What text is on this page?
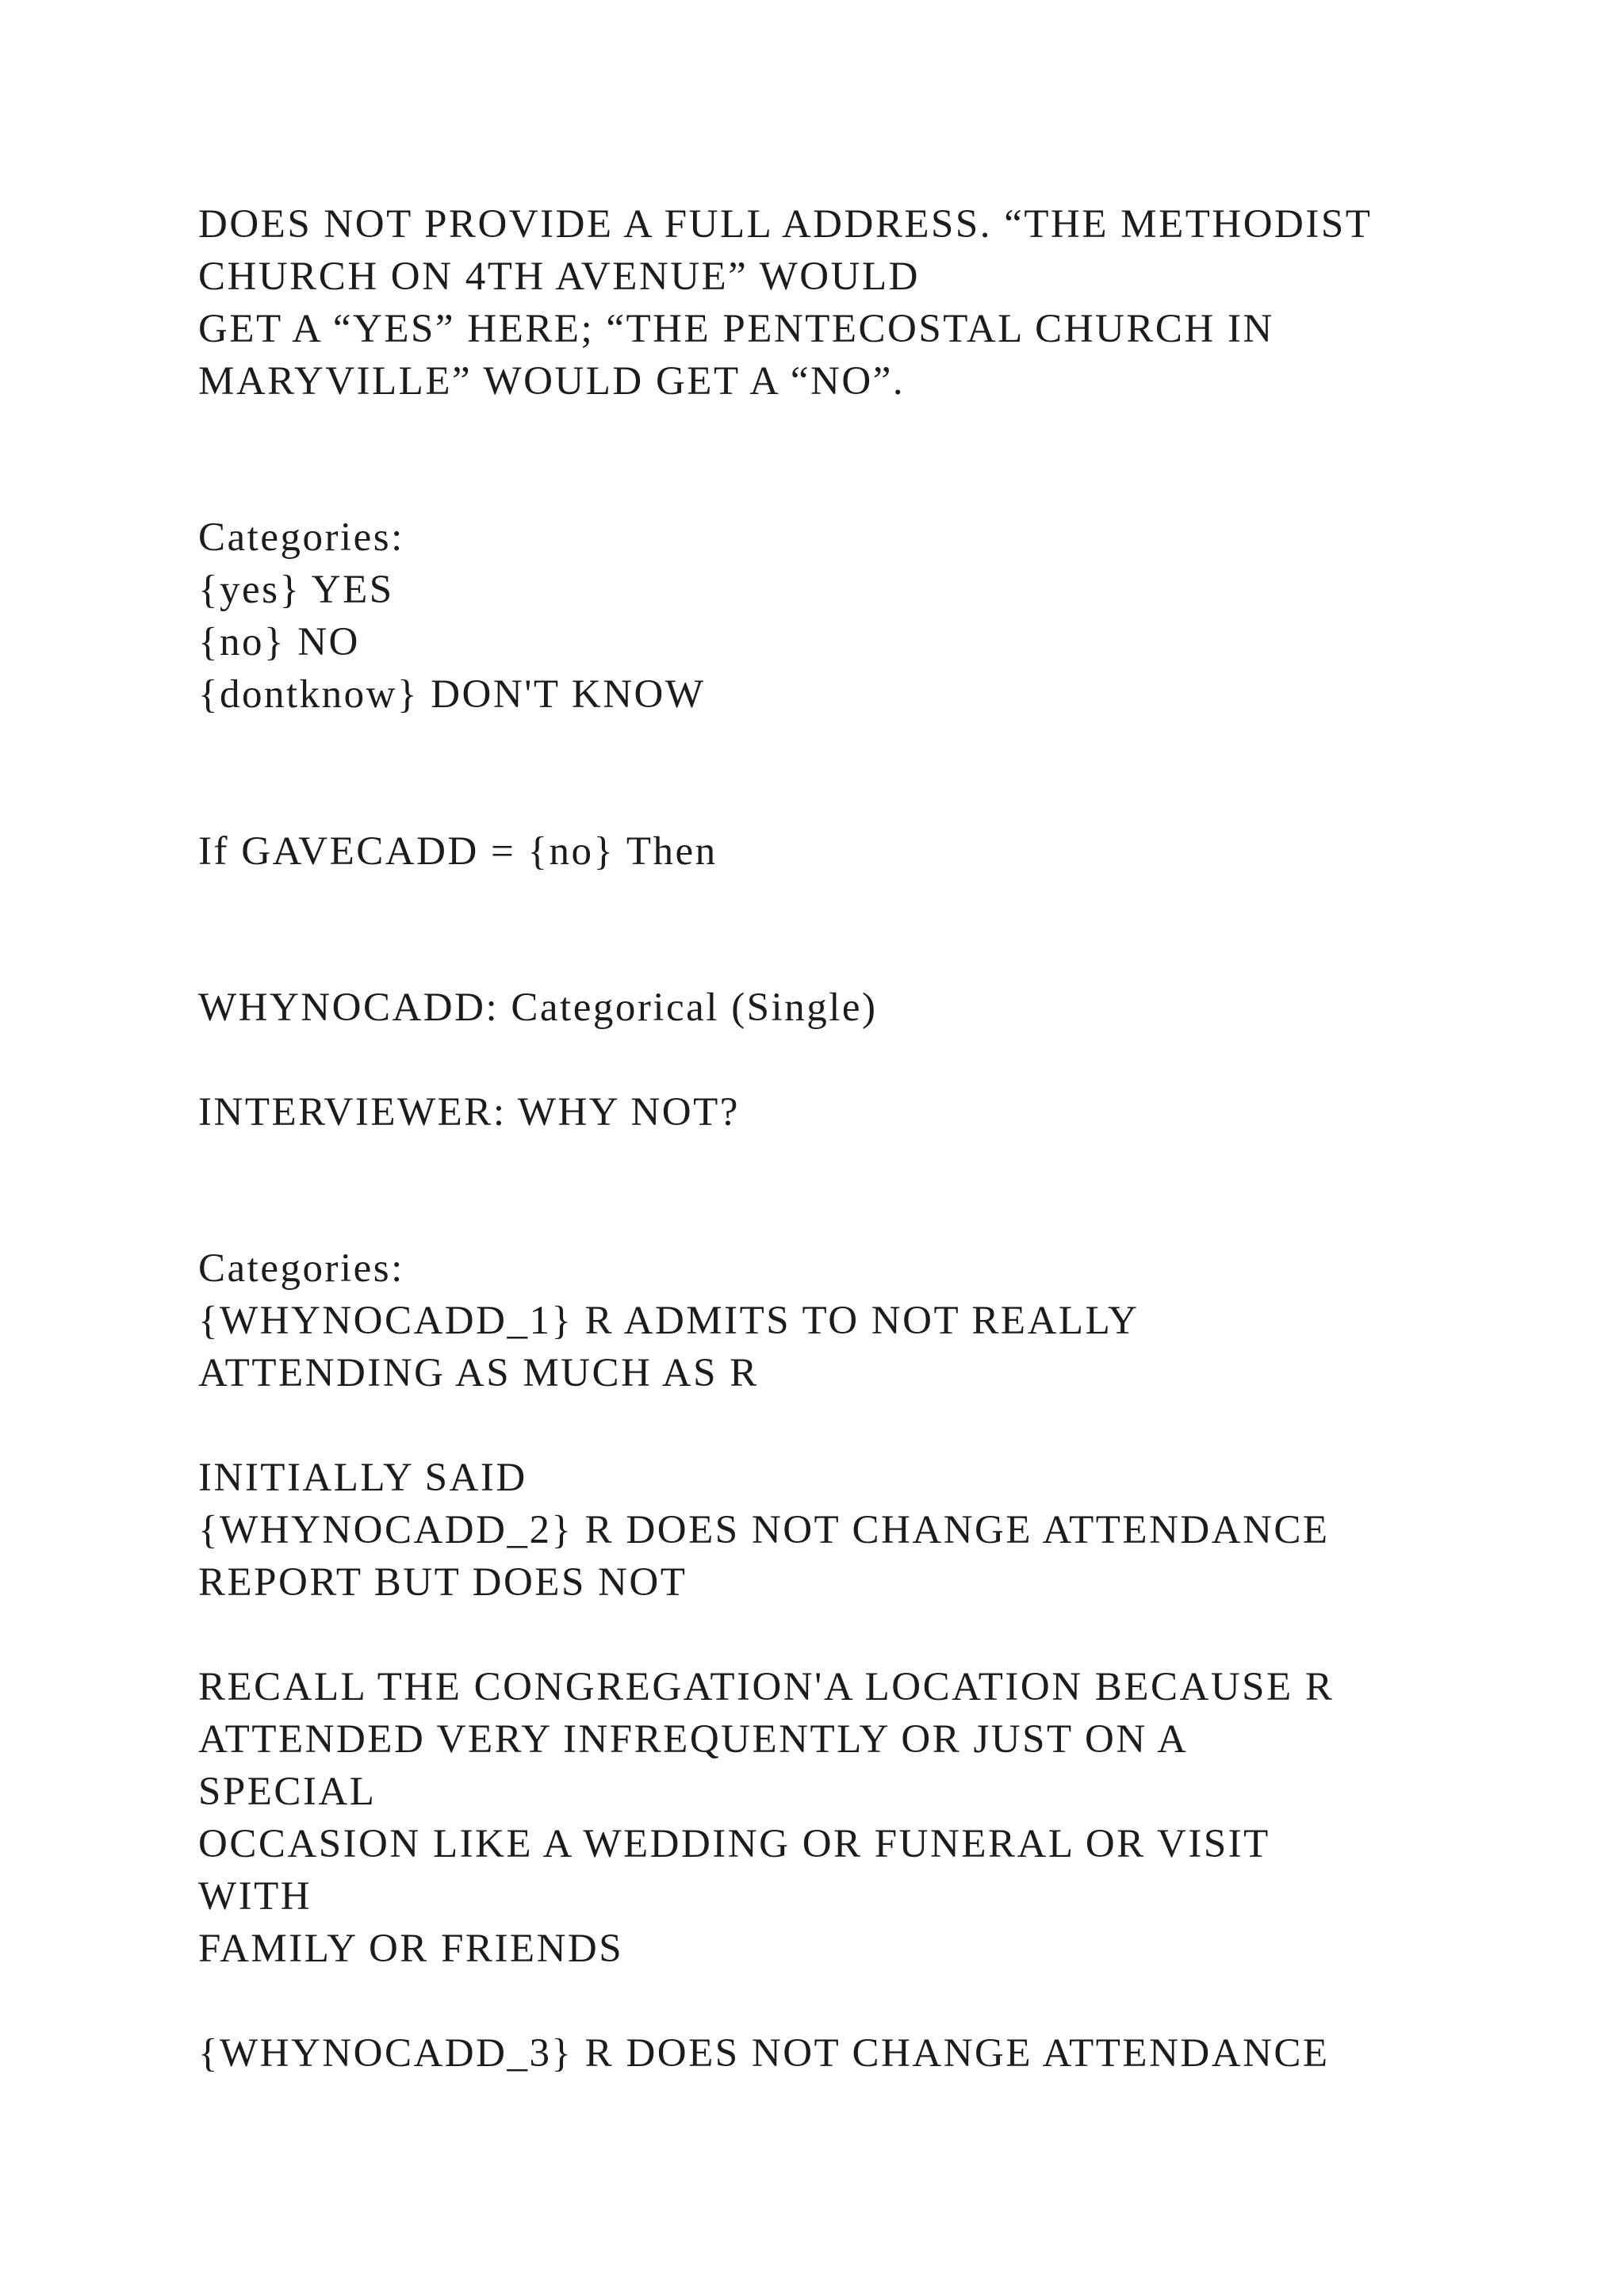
DOES NOT PROVIDE A FULL ADDRESS. “THE METHODIST
CHURCH ON 4TH AVENUE” WOULD
GET A “YES” HERE; “THE PENTECOSTAL CHURCH IN
MARYVILLE” WOULD GET A “NO”.
Categories:
{yes} YES
{no} NO
{dontknow} DON'T KNOW
If GAVECADD = {no} Then
WHYNOCADD: Categorical (Single)
INTERVIEWER: WHY NOT?
Categories:
{WHYNOCADD_1} R ADMITS TO NOT REALLY
ATTENDING AS MUCH AS R
INITIALLY SAID
{WHYNOCADD_2} R DOES NOT CHANGE ATTENDANCE
REPORT BUT DOES NOT
RECALL THE CONGREGATION'A LOCATION BECAUSE R
ATTENDED VERY INFREQUENTLY OR JUST ON A
SPECIAL
OCCASION LIKE A WEDDING OR FUNERAL OR VISIT
WITH
FAMILY OR FRIENDS
{WHYNOCADD_3} R DOES NOT CHANGE ATTENDANCE
